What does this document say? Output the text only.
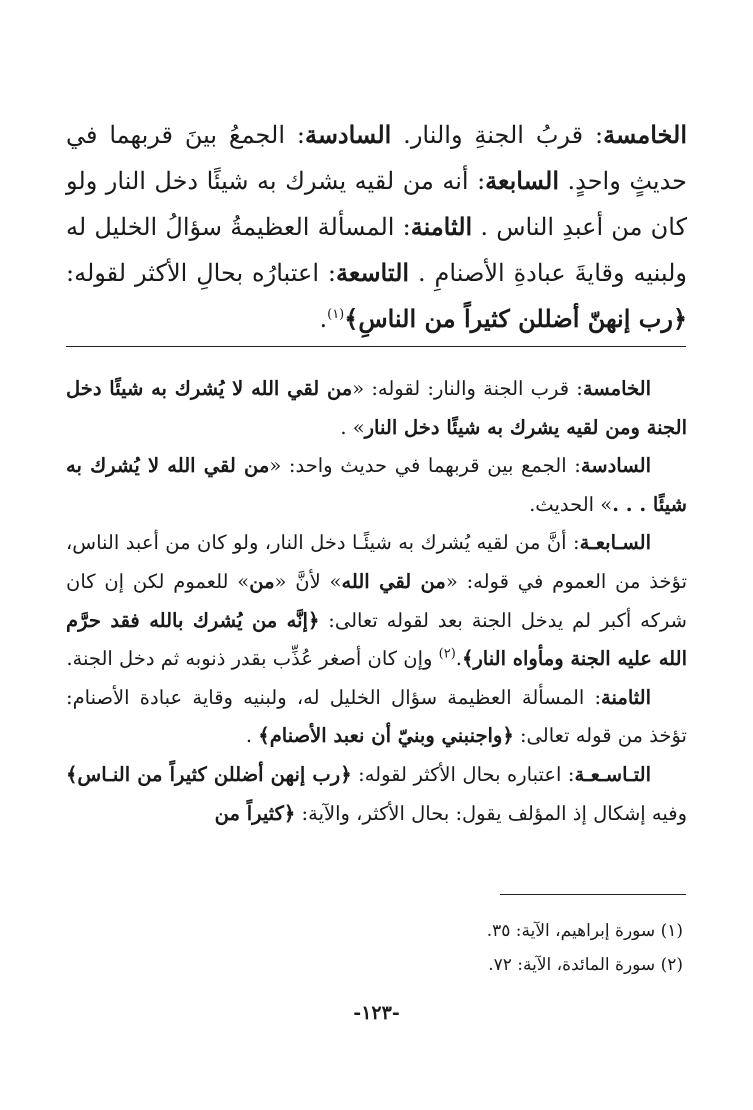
الخامسة: قربُ الجنةِ والنار. السادسة: الجمعُ بينَ قربهما في حديثٍ واحدٍ. السابعة: أنه من لقيه يشرك به شيئًا دخل النار ولو كان من أعبدِ الناس . الثامنة: المسألة العظيمةُ سؤالُ الخليل له ولبنيه وقايةَ عبادةِ الأصنامِ . التاسعة: اعتبارُه بحالِ الأكثر لقوله: ﴿رب إنهنّ أضللن كثيراً من الناسِ﴾$^{(١)}$.

الخامسة: قرب الجنة والنار: لقوله: «من لقي الله لا يُشرك به شيئًا دخل الجنة ومن لقيه يشرك به شيئًا دخل النار» .

السادسة: الجمع بين قربهما في حديث واحد: «من لقي الله لا يُشرك به شيئًا . . .» الحديث.

السـابعـة: أنَّ من لقيه يُشرك به شيئًـا دخل النار، ولو كان من أعبد الناس، تؤخذ من العموم في قوله: «من لقي الله» لأنَّ «من» للعموم لكن إن كان شركه أكبر لم يدخل الجنة بعد لقوله تعالى: ﴿إنَّه من يُشرك بالله فقد حرَّم الله عليه الجنة ومأواه النار﴾.$^{(٢)}$ وإن كان أصغر عُذِّب بقدر ذنوبه ثم دخل الجنة.

الثامنة: المسألة العظيمة سؤال الخليل له، ولبنيه وقاية عبادة الأصنام: تؤخذ من قوله تعالى: ﴿واجنبني وبنيّ أن نعبد الأصنام﴾ .

التـاسـعـة: اعتباره بحال الأكثر لقوله: ﴿رب إنهن أضللن كثيراً من النـاس﴾ وفيه إشكال إذ المؤلف يقول: بحال الأكثر، والآية: ﴿كثيراً من

(١) سورة إبراهيم، الآية: ٣٥.
(٢) سورة المائدة، الآية: ٧٢.
-١٢٣-
